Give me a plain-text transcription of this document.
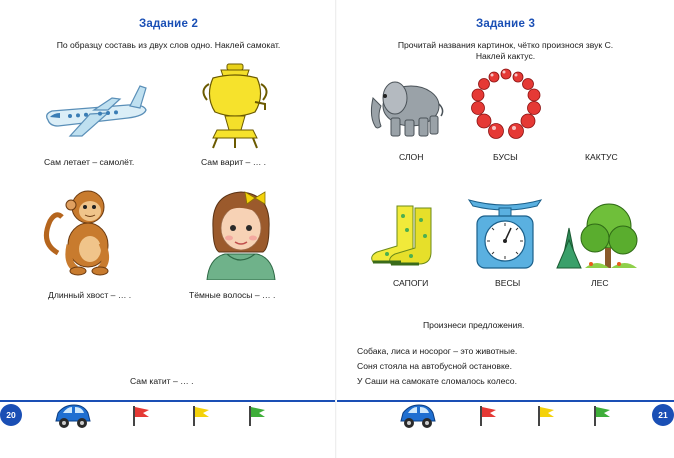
Задание 2
По образцу составь из двух слов одно. Наклей самокат.
Сам летает – самолёт.	Сам варит – … .
Длинный хвост – … .	Тёмные волосы – … .
Сам катит – … .
20
Задание 3
Прочитай названия картинок, чётко произнося звук С.
Наклей кактус.
СЛОН	БУСЫ	КАКТУС
САПОГИ	ВЕСЫ	ЛЕС
Произнеси предложения.
Собака, лиса и носорог – это животные.
Соня стояла на автобусной остановке.
У Саши на самокате сломалось колесо.
21
